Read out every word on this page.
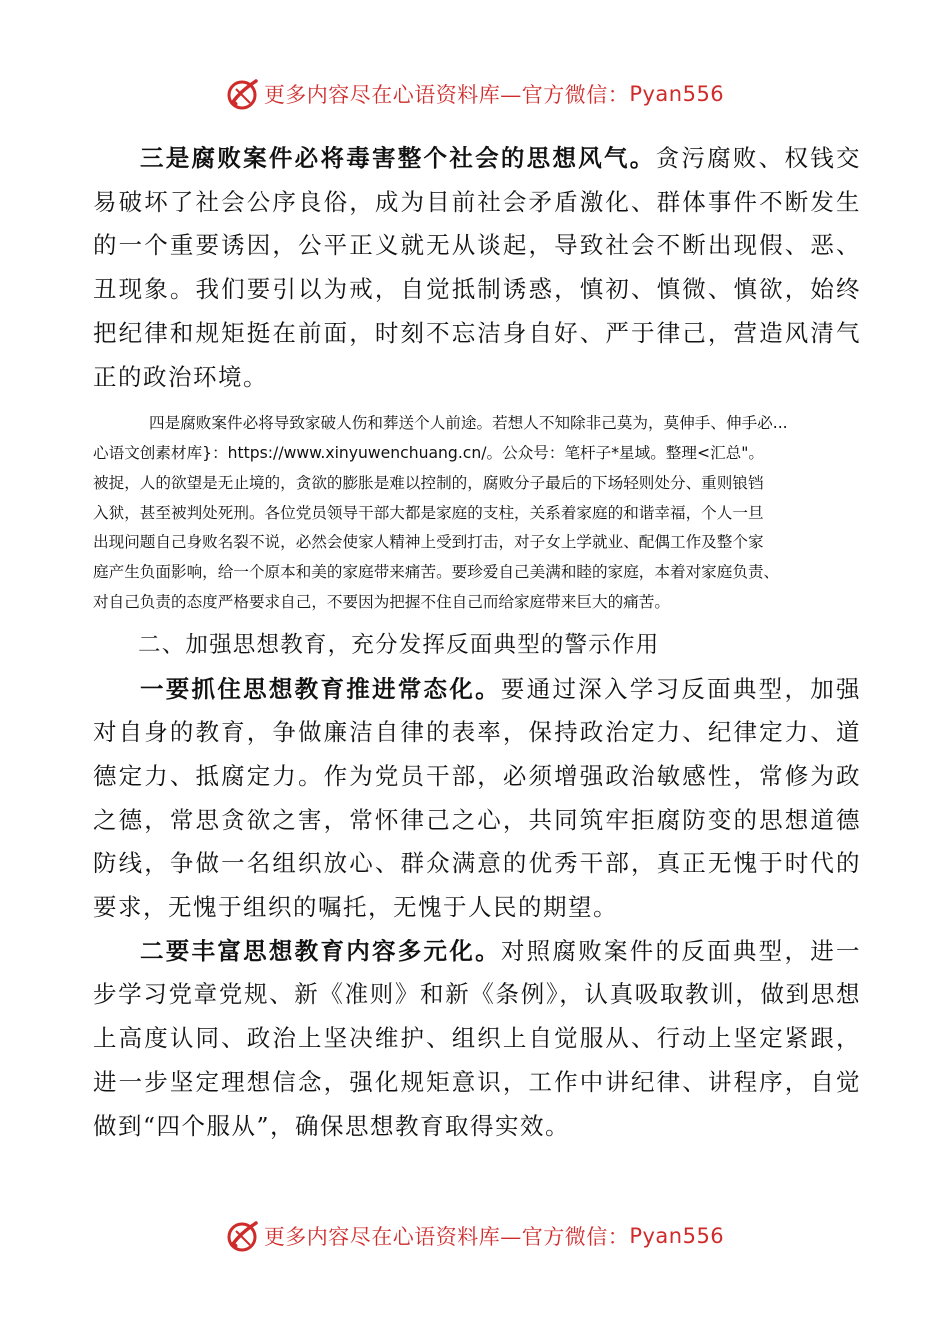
更多内容尽在心语资料库—官方微信： Pyan556

三是腐败案件必将毒害整个社会的思想风气。贪污腐败、权钱交易破坏了社会公序良俗，成为目前社会矛盾激化、群体事件不断发生的一个重要诱因，公平正义就无从谈起，导致社会不断出现假、恶、丑现象。我们要引以为戒，自觉抵制诱惑，慎初、慎微、慎欲，始终把纪律和规矩挺在前面，时刻不忘洁身自好、严于律己，营造风清气正的政治环境。

四是腐败案件必将导致家破人伤和葬送个人前途。若想人不知除非己莫为，莫伸手、伸手必...
心语文创素材库}：https://www.xinyuwenchuang.cn/。公众号：笔杆子*星域。整理<汇总"。
被捉，人的欲望是无止境的，贪欲的膨胀是难以控制的，腐败分子最后的下场轻则处分、重则锒铛
入狱，甚至被判处死刑。各位党员领导干部大都是家庭的支柱，关系着家庭的和谐幸福，个人一旦
出现问题自己身败名裂不说，必然会使家人精神上受到打击，对子女上学就业、配偶工作及整个家
庭产生负面影响，给一个原本和美的家庭带来痛苦。要珍爱自己美满和睦的家庭，本着对家庭负责、
对自己负责的态度严格要求自己，不要因为把握不住自己而给家庭带来巨大的痛苦。

二、加强思想教育，充分发挥反面典型的警示作用

一要抓住思想教育推进常态化。要通过深入学习反面典型，加强对自身的教育，争做廉洁自律的表率，保持政治定力、纪律定力、道德定力、抵腐定力。作为党员干部，必须增强政治敏感性，常修为政之德，常思贪欲之害，常怀律己之心，共同筑牢拒腐防变的思想道德防线，争做一名组织放心、群众满意的优秀干部，真正无愧于时代的要求，无愧于组织的嘱托，无愧于人民的期望。

二要丰富思想教育内容多元化。对照腐败案件的反面典型，进一步学习党章党规、新《准则》和新《条例》，认真吸取教训，做到思想上高度认同、政治上坚决维护、组织上自觉服从、行动上坚定紧跟，进一步坚定理想信念，强化规矩意识，工作中讲纪律、讲程序，自觉做到“四个服从”，确保思想教育取得实效。

更多内容尽在心语资料库—官方微信： Pyan556
